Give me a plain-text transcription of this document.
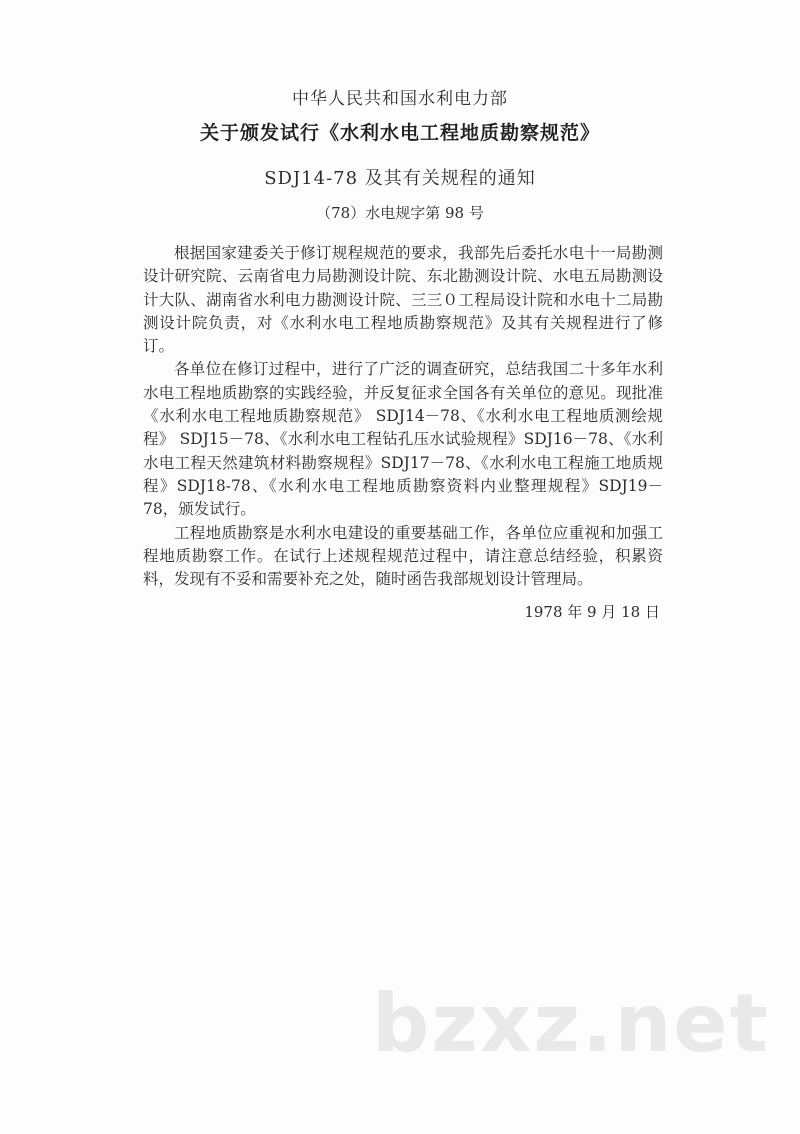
中华人民共和国水利电力部
关于颁发试行《水利水电工程地质勘察规范》
SDJ14-78 及其有关规程的通知
（78）水电规字第 98 号

根据国家建委关于修订规程规范的要求，我部先后委托水电十一局勘测设计研究院、云南省电力局勘测设计院、东北勘测设计院、水电五局勘测设计大队、湖南省水利电力勘测设计院、三三０工程局设计院和水电十二局勘测设计院负责，对《水利水电工程地质勘察规范》及其有关规程进行了修订。

各单位在修订过程中，进行了广泛的调查研究，总结我国二十多年水利水电工程地质勘察的实践经验，并反复征求全国各有关单位的意见。现批准《水利水电工程地质勘察规范》 SDJ14－78、《水利水电工程地质测绘规程》 SDJ15－78、《水利水电工程钻孔压水试验规程》SDJ16－78、《水利水电工程天然建筑材料勘察规程》SDJ17－78、《水利水电工程施工地质规程》SDJ18-78、《水利水电工程地质勘察资料内业整理规程》SDJ19－78，颁发试行。

工程地质勘察是水利水电建设的重要基础工作，各单位应重视和加强工程地质勘察工作。在试行上述规程规范过程中，请注意总结经验，积累资料，发现有不妥和需要补充之处，随时函告我部规划设计管理局。

1978 年 9 月 18 日
bzxz.net
